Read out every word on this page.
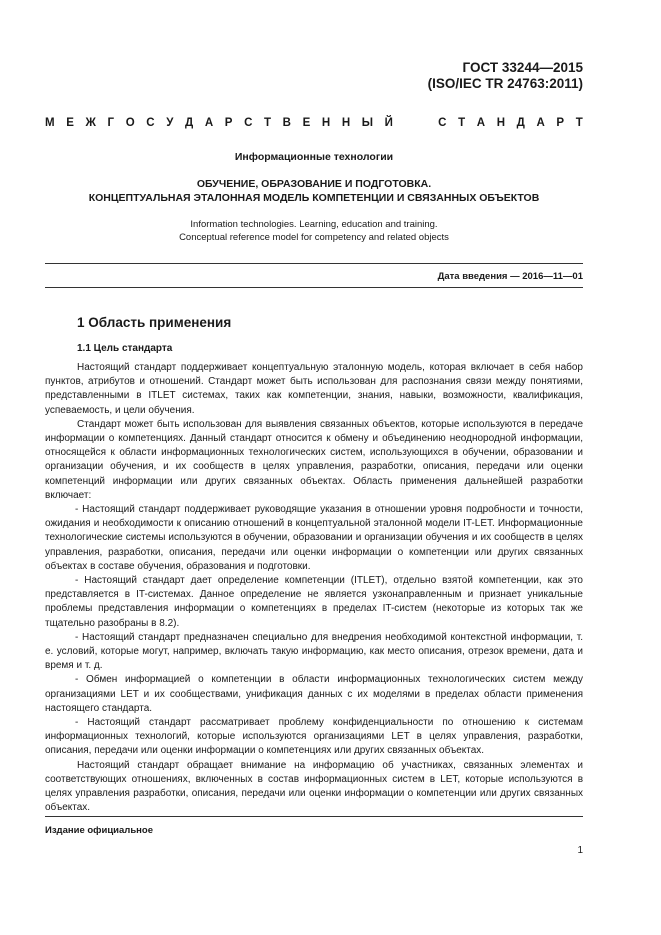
ГОСТ 33244—2015
(ISO/IEC TR 24763:2011)
М Е Ж Г О С У Д А Р С Т В Е Н Н Ы Й	С Т А Н Д А Р Т
Информационные технологии
ОБУЧЕНИЕ, ОБРАЗОВАНИЕ И ПОДГОТОВКА.
КОНЦЕПТУАЛЬНАЯ ЭТАЛОННАЯ МОДЕЛЬ КОМПЕТЕНЦИИ И СВЯЗАННЫХ ОБЪЕКТОВ
Information technologies. Learning, education and training.
Conceptual reference model for competency and related objects
Дата введения — 2016—11—01
1 Область применения
1.1 Цель стандарта

Настоящий стандарт поддерживает концептуальную эталонную модель, которая включает в себя набор пунктов, атрибутов и отношений. Стандарт может быть использован для распознания связи между понятиями, представленными в ITLET системах, таких как компетенции, знания, навыки, возможности, квалификация, успеваемость, и цели обучения.

Стандарт может быть использован для выявления связанных объектов, которые используются в передаче информации о компетенциях. Данный стандарт относится к обмену и объединению неоднородной информации, относящейся к области информационных технологических систем, использующихся в обучении, образовании и организации обучения, и их сообществ в целях управления, разработки, описания, передачи или оценки компетенций информации или других связанных объектах. Область применения дальнейшей разработки включает:

- Настоящий стандарт поддерживает руководящие указания в отношении уровня подробности и точности, ожидания и необходимости к описанию отношений в концептуальной эталонной модели IT-LET. Информационные технологические системы используются в обучении, образовании и организации обучения и их сообществ в целях управления, разработки, описания, передачи или оценки информации о компетенции или других связанных объектах в составе обучения, образования и подготовки.

- Настоящий стандарт дает определение компетенции (ITLET), отдельно взятой компетенции, как это представляется в IT-системах. Данное определение не является узконаправленным и признает уникальные проблемы представления информации о компетенциях в пределах IT-систем (некоторые из которых так же тщательно разобраны в 8.2).

- Настоящий стандарт предназначен специально для внедрения необходимой контекстной информации, т. е. условий, которые могут, например, включать такую информацию, как место описания, отрезок времени, дата и время и т. д.

- Обмен информацией о компетенции в области информационных технологических систем между организациями LET и их сообществами, унификация данных с их моделями в пределах области применения настоящего стандарта.

- Настоящий стандарт рассматривает проблему конфиденциальности по отношению к системам информационных технологий, которые используются организациями LET в целях управления, разработки, описания, передачи или оценки информации о компетенциях или других связанных объектах.

Настоящий стандарт обращает внимание на информацию об участниках, связанных элементах и соответствующих отношениях, включенных в состав информационных систем в LET, которые используются в целях управления разработки, описания, передачи или оценки информации о компетенции или других связанных объектах.

Издание официальное
1
